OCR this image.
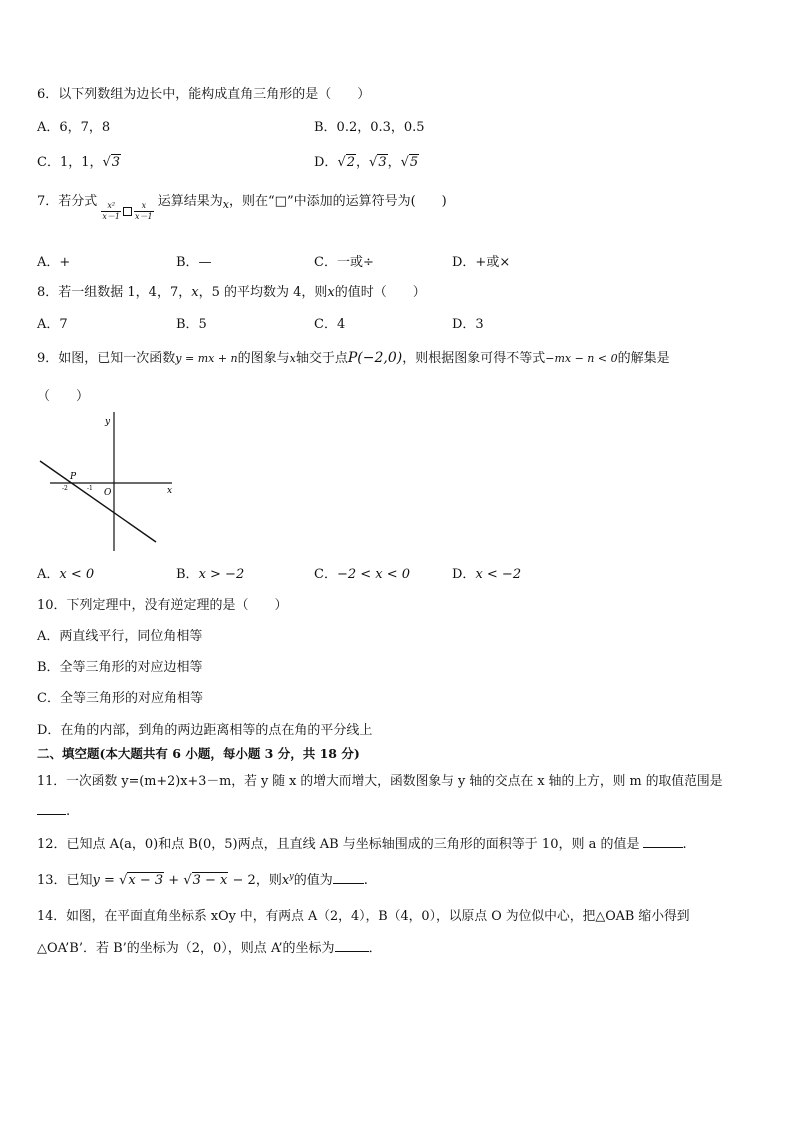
6．以下列数组为边长中，能构成直角三角形的是（　　）
A．6，7，8	B．0.2，0.3，0.5
C．1，1，√3	D．√2，√3，√5
7．若分式 $\frac{\text{x²}}{x-1} \frac{x}{x-1}$ 运算结果为$_x$，则在“□”中添加的运算符号为(　　)
A．+	B．—	C．一或÷	D．+或×
8．若一组数据 1，4，7，x，5 的平均数为 4，则x的值时（　　）
A．7	B．5	C．4	D．3
9．如图，已知一次函数y = mx + n的图象与x轴交于点P(−2,0)，则根据图象可得不等式−mx − n < 0的解集是
（　　）
y
x
O
P
-2	-1
A．x < 0	B．x > −2	C．−2 < x < 0	D．x < −2
10．下列定理中，没有逆定理的是（　　）
A．两直线平行，同位角相等
B．全等三角形的对应边相等
C．全等三角形的对应角相等
D．在角的内部，到角的两边距离相等的点在角的平分线上
二、填空题(本大题共有 6 小题，每小题 3 分，共 18 分)
11．一次函数 y=(m+2)x+3－m，若 y 随 x 的增大而增大，函数图象与 y 轴的交点在 x 轴的上方，则 m 的取值范围是
.
12．已知点 A(a，0)和点 B(0，5)两点，且直线 AB 与坐标轴围成的三角形的面积等于 10，则 a 的值是	.
13．已知y = √x − 3 + √3 − x − 2，则$x^y$的值为 .
14．如图，在平面直角坐标系 xOy 中，有两点 A（2，4），B（4，0），以原点 O 为位似中心，把△OAB 缩小得到
△OA’B’．若 B’的坐标为（2，0），则点 A’的坐标为	．
